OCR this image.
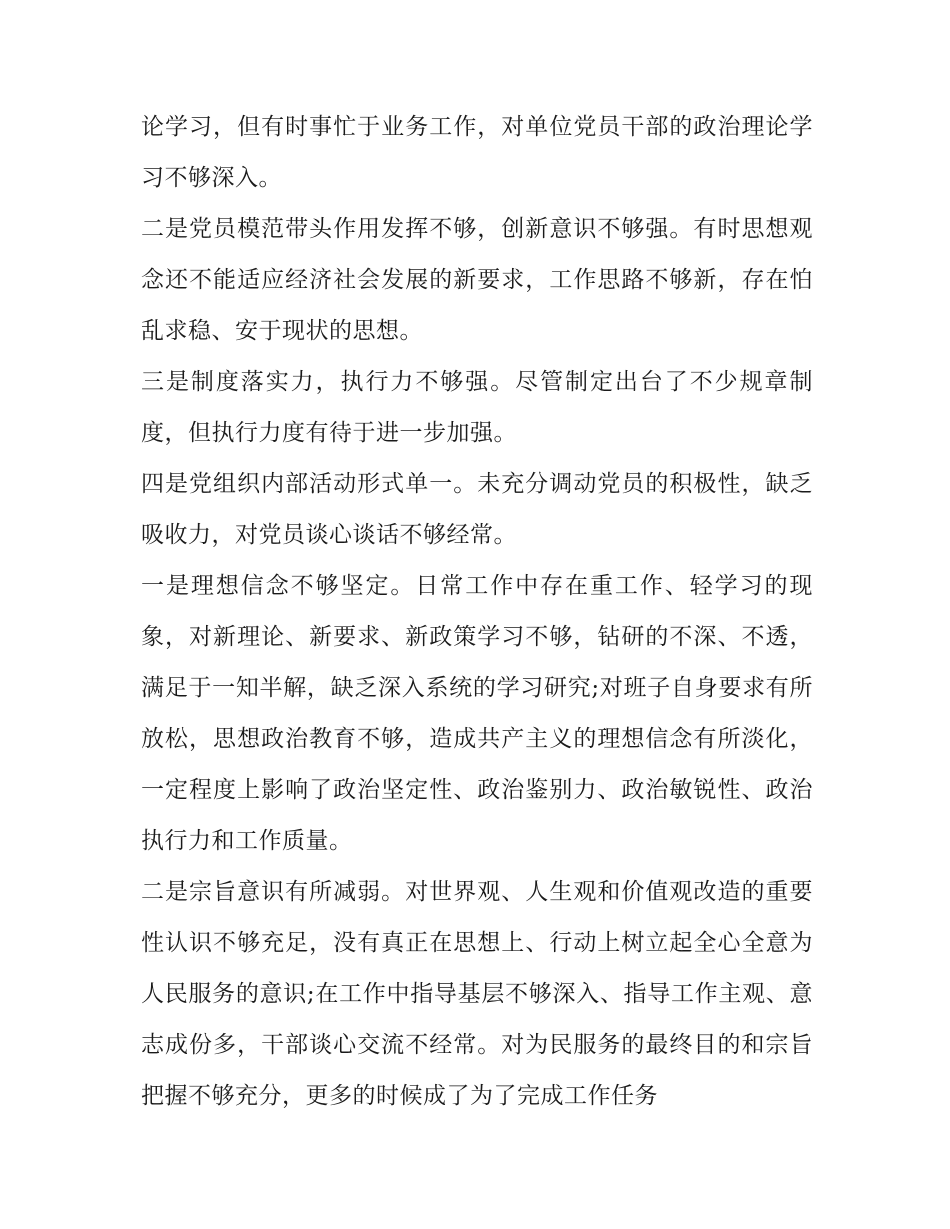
论学习，但有时事忙于业务工作，对单位党员干部的政治理论学习不够深入。

二是党员模范带头作用发挥不够，创新意识不够强。有时思想观念还不能适应经济社会发展的新要求，工作思路不够新，存在怕乱求稳、安于现状的思想。

三是制度落实力，执行力不够强。尽管制定出台了不少规章制度，但执行力度有待于进一步加强。

四是党组织内部活动形式单一。未充分调动党员的积极性，缺乏吸收力，对党员谈心谈话不够经常。

一是理想信念不够坚定。日常工作中存在重工作、轻学习的现象，对新理论、新要求、新政策学习不够，钻研的不深、不透，满足于一知半解，缺乏深入系统的学习研究;对班子自身要求有所放松，思想政治教育不够，造成共产主义的理想信念有所淡化，一定程度上影响了政治坚定性、政治鉴别力、政治敏锐性、政治执行力和工作质量。

二是宗旨意识有所减弱。对世界观、人生观和价值观改造的重要性认识不够充足，没有真正在思想上、行动上树立起全心全意为人民服务的意识;在工作中指导基层不够深入、指导工作主观、意志成份多，干部谈心交流不经常。对为民服务的最终目的和宗旨把握不够充分，更多的时候成了为了完成工作任务
